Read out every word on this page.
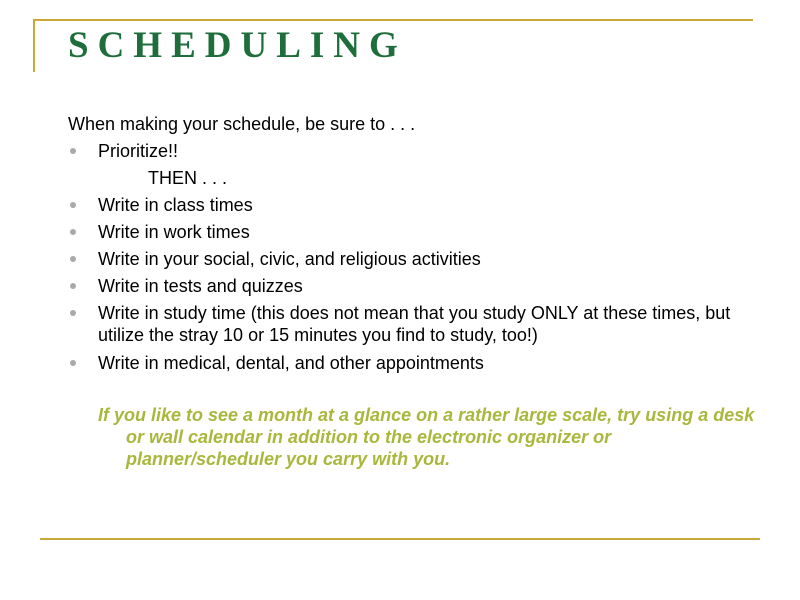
SCHEDULING
When making your schedule, be sure to . . .
Prioritize!!
THEN . . .
Write in class times
Write in work times
Write in your social, civic, and religious activities
Write in tests and quizzes
Write in study time (this does not mean that you study ONLY at these times, but utilize the stray 10 or 15 minutes you find to study, too!)
Write in medical, dental, and other appointments

If you like to see a month at a glance on a rather large scale, try using a desk or wall calendar in addition to the electronic organizer or planner/scheduler you carry with you.
